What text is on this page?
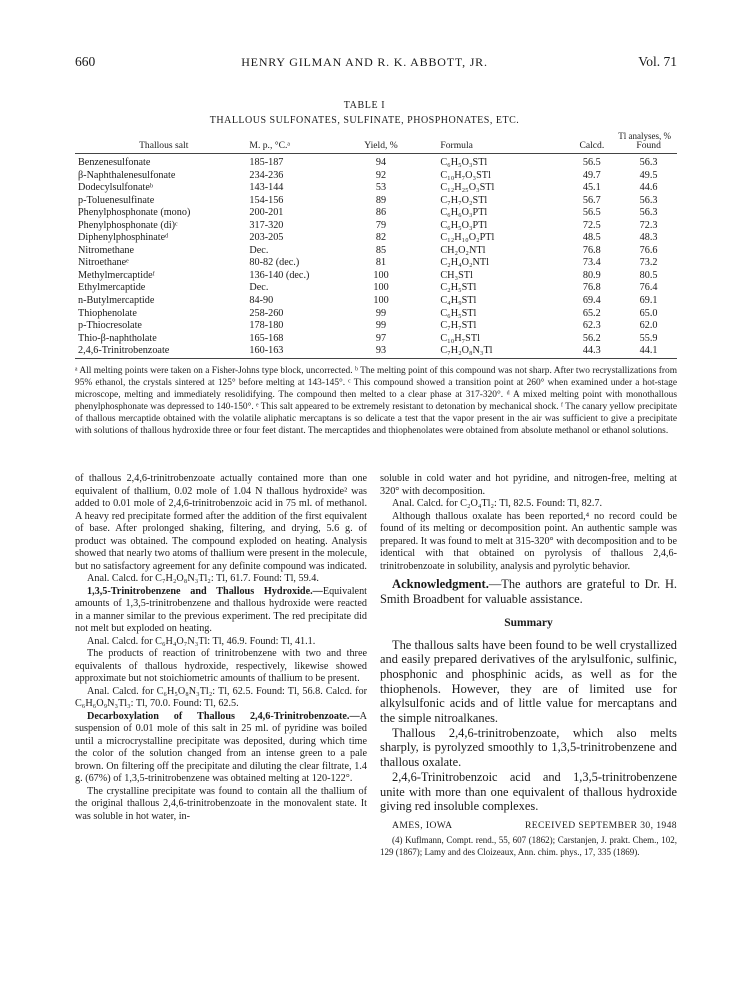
660	HENRY GILMAN AND R. K. ABBOTT, JR.	Vol. 71
TABLE I
THALLOUS SULFONATES, SULFINATE, PHOSPHONATES, ETC.
Thallous salt	M. p., °C.ᵃ	Yield, %	Formula	Tl analyses, %
Calcd. Found	

Benzenesulfonate	185-187	94	C₆H₅O₃STl	56.5	56.3
β-Naphthalenesulfonate	234-236	92	C₁₀H₇O₃STl	49.7	49.5
Dodecylsulfonateᵇ	143-144	53	C₁₂H₂₅O₃STl	45.1	44.6
p-Toluenesulfinate	154-156	89	C₇H₇O₂STl	56.7	56.3
Phenylphosphonate (mono)	200-201	86	C₆H₆O₃PTl	56.5	56.3
Phenylphosphonate (di)ᶜ	317-320	79	C₆H₅O₃PTl	72.5	72.3
Diphenylphosphinateᵈ	203-205	82	C₁₂H₁₀O₂PTl	48.5	48.3
Nitromethane	Dec.	85	CH₂O₂NTl	76.8	76.6
Nitroethaneᵉ	80-82 (dec.)	81	C₂H₄O₂NTl	73.4	73.2
Methylmercaptideᶠ	136-140 (dec.)	100	CH₃STl	80.9	80.5
Ethylmercaptide	Dec.	100	C₂H₅STl	76.8	76.4
n-Butylmercaptide	84-90	100	C₄H₉STl	69.4	69.1
Thiophenolate	258-260	99	C₆H₅STl	65.2	65.0
p-Thiocresolate	178-180	99	C₇H₇STl	62.3	62.0
Thio-β-naphtholate	165-168	97	C₁₀H₇STl	56.2	55.9
2,4,6-Trinitrobenzoate	160-163	93	C₇H₂O₈N₃Tl	44.3	44.1
ᵃ All melting points were taken on a Fisher-Johns type block, uncorrected. ᵇ The melting point of this compound was not sharp. After two recrystallizations from 95% ethanol, the crystals sintered at 125° before melting at 143-145°. ᶜ This compound showed a transition point at 260° when examined under a hot-stage microscope, melting and immediately resolidifying. The compound then melted to a clear phase at 317-320°. ᵈ A mixed melting point with monothallous phenylphosphonate was depressed to 140-150°. ᵉ This salt appeared to be extremely resistant to detonation by mechanical shock. ᶠ The canary yellow precipitate of thallous mercaptide obtained with the volatile aliphatic mercaptans is so delicate a test that the vapor present in the air was sufficient to give a precipitate with solutions of thallous hydroxide three or four feet distant. The mercaptides and thiophenolates were obtained from absolute methanol or ethanol solutions.

of thallous 2,4,6-trinitrobenzoate actually contained more than one equivalent of thallium, 0.02 mole of 1.04 N thallous hydroxide² was added to 0.01 mole of 2,4,6-trinitrobenzoic acid in 75 ml. of methanol. A heavy red precipitate formed after the addition of the first equivalent of base. After prolonged shaking, filtering, and drying, 5.6 g. of product was obtained. The compound exploded on heating. Analysis showed that nearly two atoms of thallium were present in the molecule, but no satisfactory agreement for any definite compound was indicated.

Anal. Calcd. for C₇H₂O₈N₃Tl₂: Tl, 61.7. Found: Tl, 59.4.

1,3,5-Trinitrobenzene and Thallous Hydroxide.—Equivalent amounts of 1,3,5-trinitrobenzene and thallous hydroxide were reacted in a manner similar to the previous experiment. The red precipitate did not melt but exploded on heating.

Anal. Calcd. for C₆H₄O₇N₃Tl: Tl, 46.9. Found: Tl, 41.1.

The products of reaction of trinitrobenzene with two and three equivalents of thallous hydroxide, respectively, likewise showed approximate but not stoichiometric amounts of thallium to be present.

Anal. Calcd. for C₆H₅O₈N₃Tl₂: Tl, 62.5. Found: Tl, 56.8. Calcd. for C₆H₆O₉N₃Tl₃: Tl, 70.0. Found: Tl, 62.5.

Decarboxylation of Thallous 2,4,6-Trinitrobenzoate.—A suspension of 0.01 mole of this salt in 25 ml. of pyridine was boiled until a microcrystalline precipitate was deposited, during which time the color of the solution changed from an intense green to a pale brown. On filtering off the precipitate and diluting the clear filtrate, 1.4 g. (67%) of 1,3,5-trinitrobenzene was obtained melting at 120-122°.

The crystalline precipitate was found to contain all the thallium of the original thallous 2,4,6-trinitrobenzoate in the monovalent state. It was soluble in hot water, in-

soluble in cold water and hot pyridine, and nitrogen-free, melting at 320° with decomposition.

Anal. Calcd. for C₂O₄Tl₂: Tl, 82.5. Found: Tl, 82.7.

Although thallous oxalate has been reported,⁴ no record could be found of its melting or decomposition point. An authentic sample was prepared. It was found to melt at 315-320° with decomposition and to be identical with that obtained on pyrolysis of thallous 2,4,6-trinitrobenzoate in solubility, analysis and pyrolytic behavior.

Acknowledgment.—The authors are grateful to Dr. H. Smith Broadbent for valuable assistance.

Summary

The thallous salts have been found to be well crystallized and easily prepared derivatives of the arylsulfonic, sulfinic, phosphonic and phosphinic acids, as well as for the thiophenols. However, they are of limited use for alkylsulfonic acids and of little value for mercaptans and the simple nitroalkanes.

Thallous 2,4,6-trinitrobenzoate, which also melts sharply, is pyrolyzed smoothly to 1,3,5-trinitrobenzene and thallous oxalate.

2,4,6-Trinitrobenzoic acid and 1,3,5-trinitrobenzene unite with more than one equivalent of thallous hydroxide giving red insoluble complexes.

AMES, IOWA	RECEIVED SEPTEMBER 30, 1948

(4) Kuflmann, Compt. rend., 55, 607 (1862); Carstanjen, J. prakt. Chem., 102, 129 (1867); Lamy and des Cloizeaux, Ann. chim. phys., 17, 335 (1869).
